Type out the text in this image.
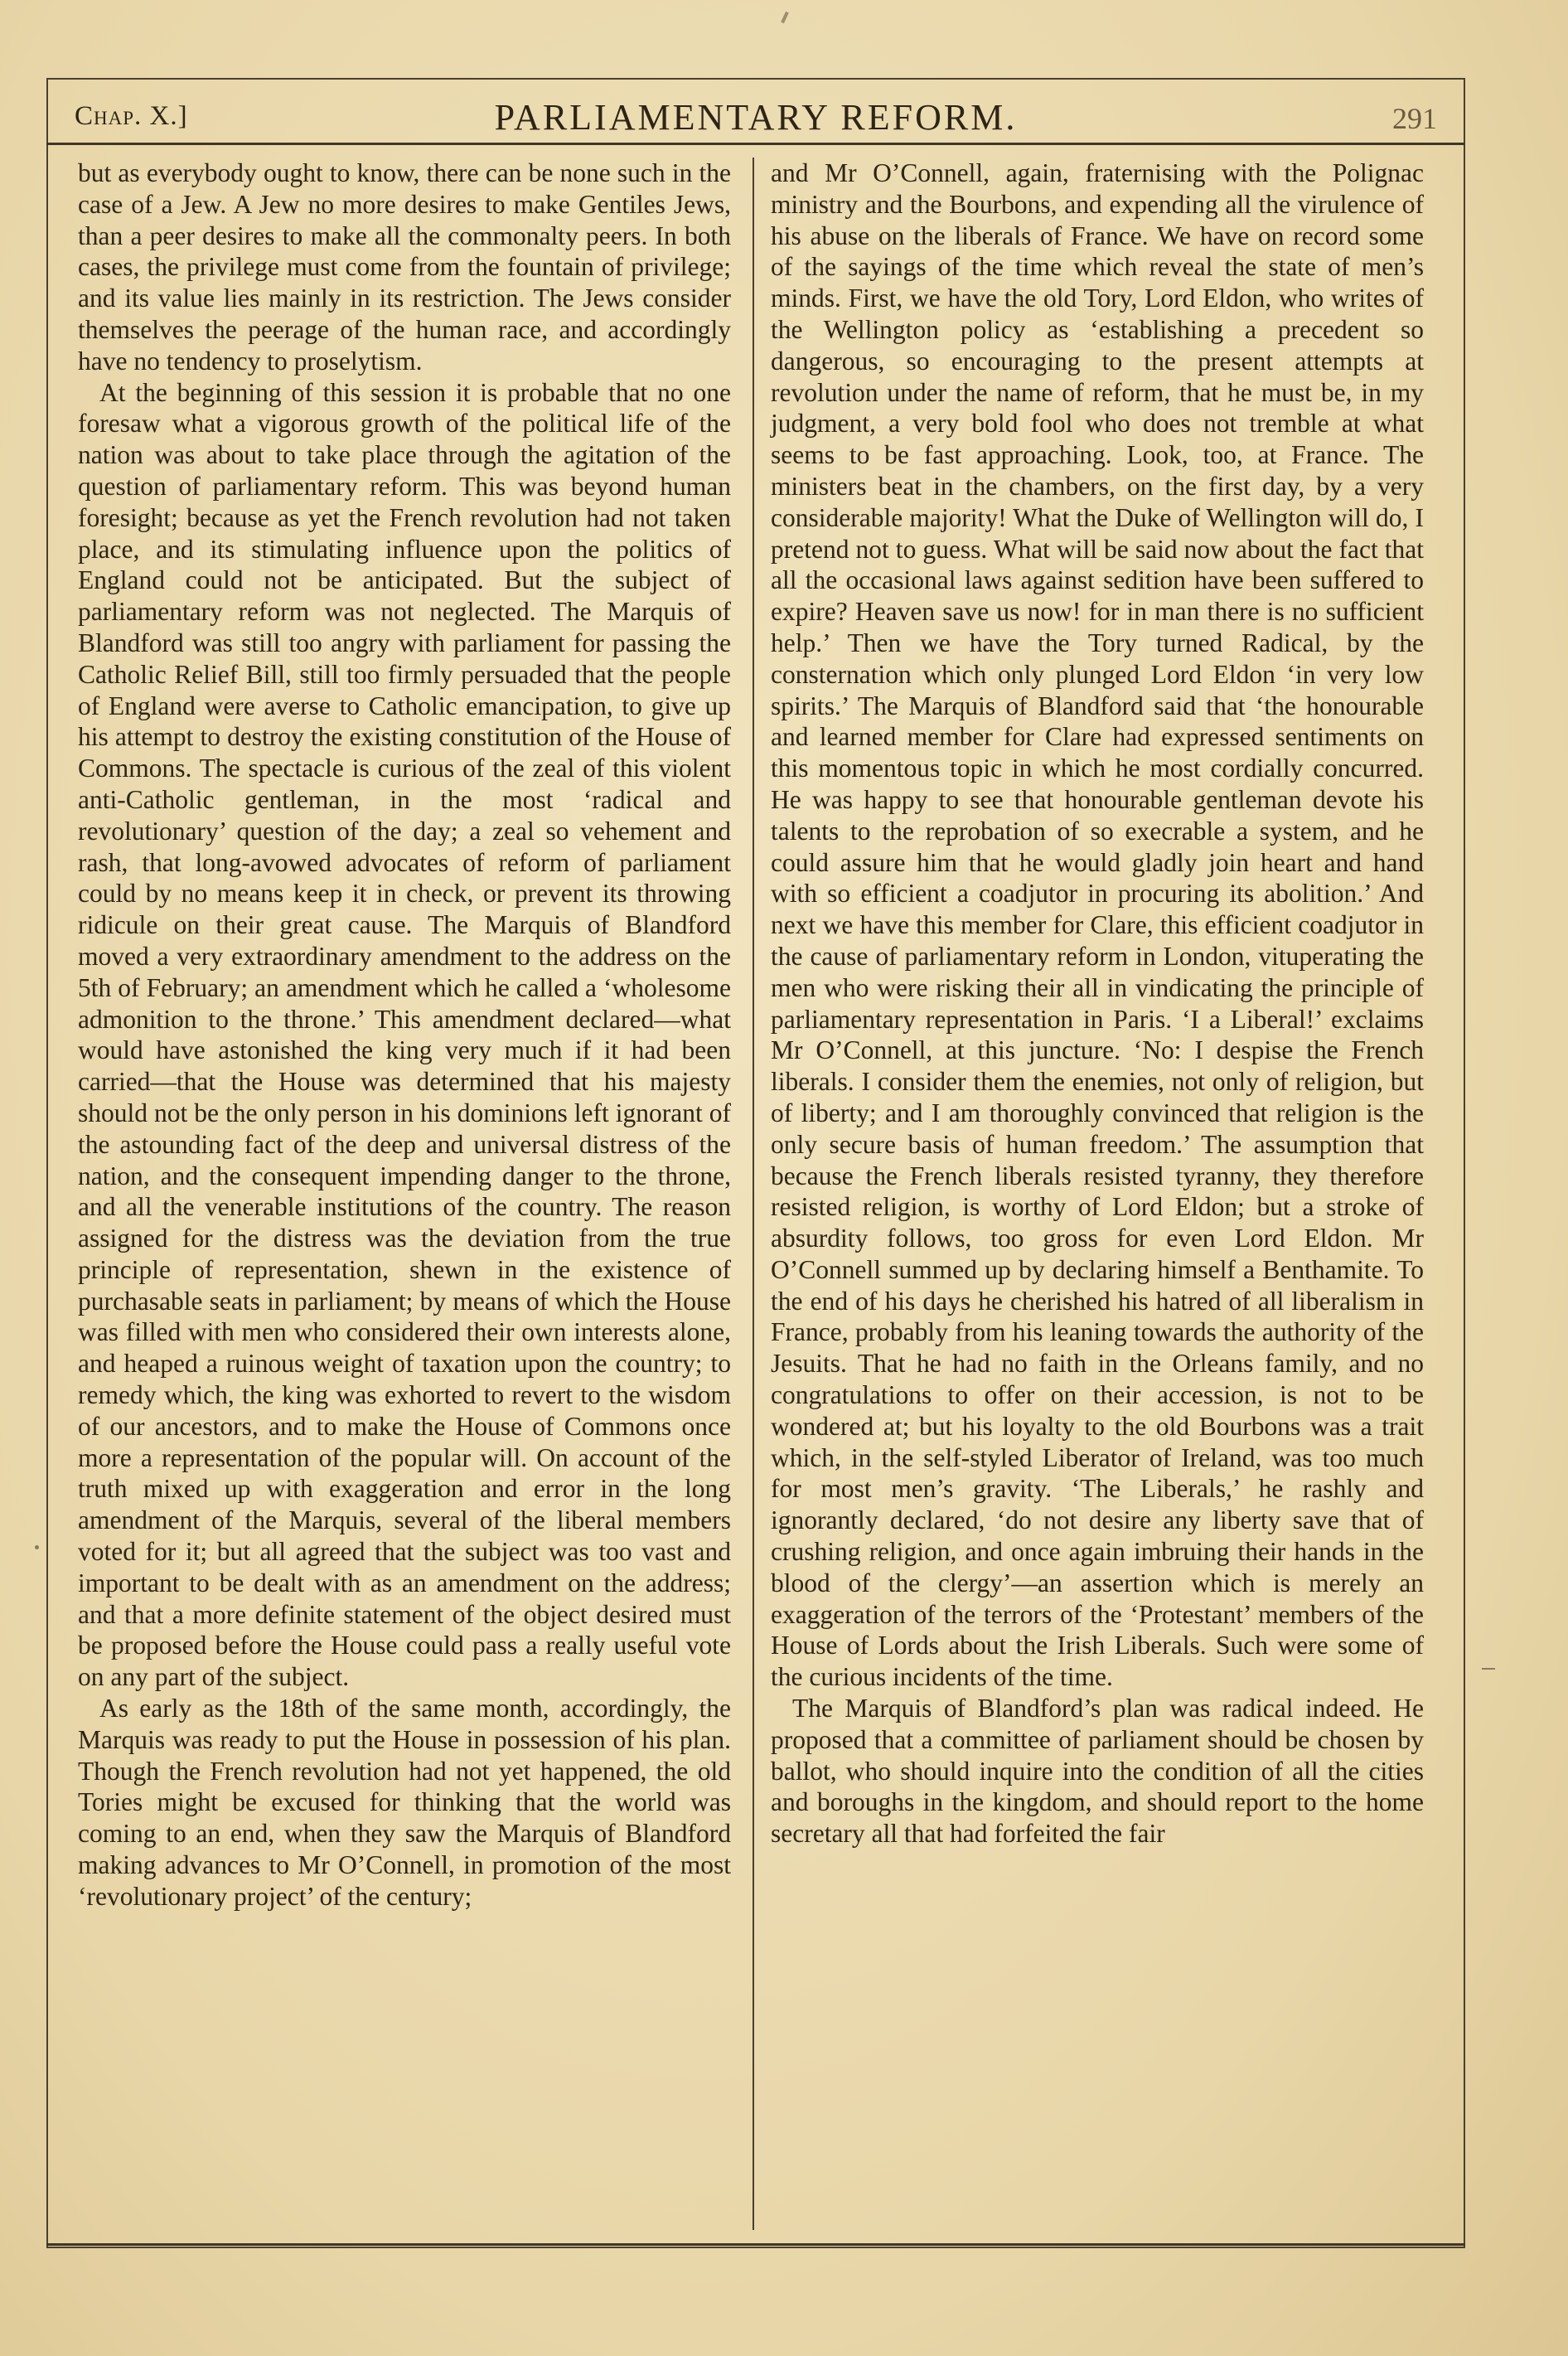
Chap. X.]	PARLIAMENTARY REFORM.	291

but as everybody ought to know, there can be none such in the case of a Jew. A Jew no more desires to make Gentiles Jews, than a peer desires to make all the commonalty peers. In both cases, the privilege must come from the fountain of privilege; and its value lies mainly in its restriction. The Jews consider themselves the peerage of the human race, and accordingly have no tendency to proselytism.

At the beginning of this session it is probable that no one foresaw what a vigorous growth of the political life of the nation was about to take place through the agitation of the question of parliamentary reform. This was beyond human foresight; because as yet the French revolution had not taken place, and its stimulating influence upon the politics of England could not be anticipated. But the subject of parliamentary reform was not neglected. The Marquis of Blandford was still too angry with parliament for passing the Catholic Relief Bill, still too firmly persuaded that the people of England were averse to Catholic emancipation, to give up his attempt to destroy the existing constitution of the House of Commons. The spectacle is curious of the zeal of this violent anti-Catholic gentleman, in the most ‘radical and revolutionary’ question of the day; a zeal so vehement and rash, that long-avowed advocates of reform of parliament could by no means keep it in check, or prevent its throwing ridicule on their great cause. The Marquis of Blandford moved a very extraordinary amendment to the address on the 5th of February; an amendment which he called a ‘wholesome admonition to the throne.’ This amendment declared—what would have astonished the king very much if it had been carried—that the House was determined that his majesty should not be the only person in his dominions left ignorant of the astounding fact of the deep and universal distress of the nation, and the consequent impending danger to the throne, and all the venerable institutions of the country. The reason assigned for the distress was the deviation from the true principle of representation, shewn in the existence of purchasable seats in parliament; by means of which the House was filled with men who considered their own interests alone, and heaped a ruinous weight of taxation upon the country; to remedy which, the king was exhorted to revert to the wisdom of our ancestors, and to make the House of Commons once more a representation of the popular will. On account of the truth mixed up with exaggeration and error in the long amendment of the Marquis, several of the liberal members voted for it; but all agreed that the subject was too vast and important to be dealt with as an amendment on the address; and that a more definite statement of the object desired must be proposed before the House could pass a really useful vote on any part of the subject.

As early as the 18th of the same month, accordingly, the Marquis was ready to put the House in possession of his plan. Though the French revolution had not yet happened, the old Tories might be excused for thinking that the world was coming to an end, when they saw the Marquis of Blandford making advances to Mr O’Connell, in promotion of the most ‘revolutionary project’ of the century;

and Mr O’Connell, again, fraternising with the Polignac ministry and the Bourbons, and expending all the virulence of his abuse on the liberals of France. We have on record some of the sayings of the time which reveal the state of men’s minds. First, we have the old Tory, Lord Eldon, who writes of the Wellington policy as ‘establishing a precedent so dangerous, so encouraging to the present attempts at revolution under the name of reform, that he must be, in my judgment, a very bold fool who does not tremble at what seems to be fast approaching. Look, too, at France. The ministers beat in the chambers, on the first day, by a very considerable majority! What the Duke of Wellington will do, I pretend not to guess. What will be said now about the fact that all the occasional laws against sedition have been suffered to expire? Heaven save us now! for in man there is no sufficient help.’ Then we have the Tory turned Radical, by the consternation which only plunged Lord Eldon ‘in very low spirits.’ The Marquis of Blandford said that ‘the honourable and learned member for Clare had expressed sentiments on this momentous topic in which he most cordially concurred. He was happy to see that honourable gentleman devote his talents to the reprobation of so execrable a system, and he could assure him that he would gladly join heart and hand with so efficient a coadjutor in procuring its abolition.’ And next we have this member for Clare, this efficient coadjutor in the cause of parliamentary reform in London, vituperating the men who were risking their all in vindicating the principle of parliamentary representation in Paris. ‘I a Liberal!’ exclaims Mr O’Connell, at this juncture. ‘No: I despise the French liberals. I consider them the enemies, not only of religion, but of liberty; and I am thoroughly convinced that religion is the only secure basis of human freedom.’ The assumption that because the French liberals resisted tyranny, they therefore resisted religion, is worthy of Lord Eldon; but a stroke of absurdity follows, too gross for even Lord Eldon. Mr O’Connell summed up by declaring himself a Benthamite. To the end of his days he cherished his hatred of all liberalism in France, probably from his leaning towards the authority of the Jesuits. That he had no faith in the Orleans family, and no congratulations to offer on their accession, is not to be wondered at; but his loyalty to the old Bourbons was a trait which, in the self-styled Liberator of Ireland, was too much for most men’s gravity. ‘The Liberals,’ he rashly and ignorantly declared, ‘do not desire any liberty save that of crushing religion, and once again imbruing their hands in the blood of the clergy’—an assertion which is merely an exaggeration of the terrors of the ‘Protestant’ members of the House of Lords about the Irish Liberals. Such were some of the curious incidents of the time.

The Marquis of Blandford’s plan was radical indeed. He proposed that a committee of parliament should be chosen by ballot, who should inquire into the condition of all the cities and boroughs in the kingdom, and should report to the home secretary all that had forfeited the fair
